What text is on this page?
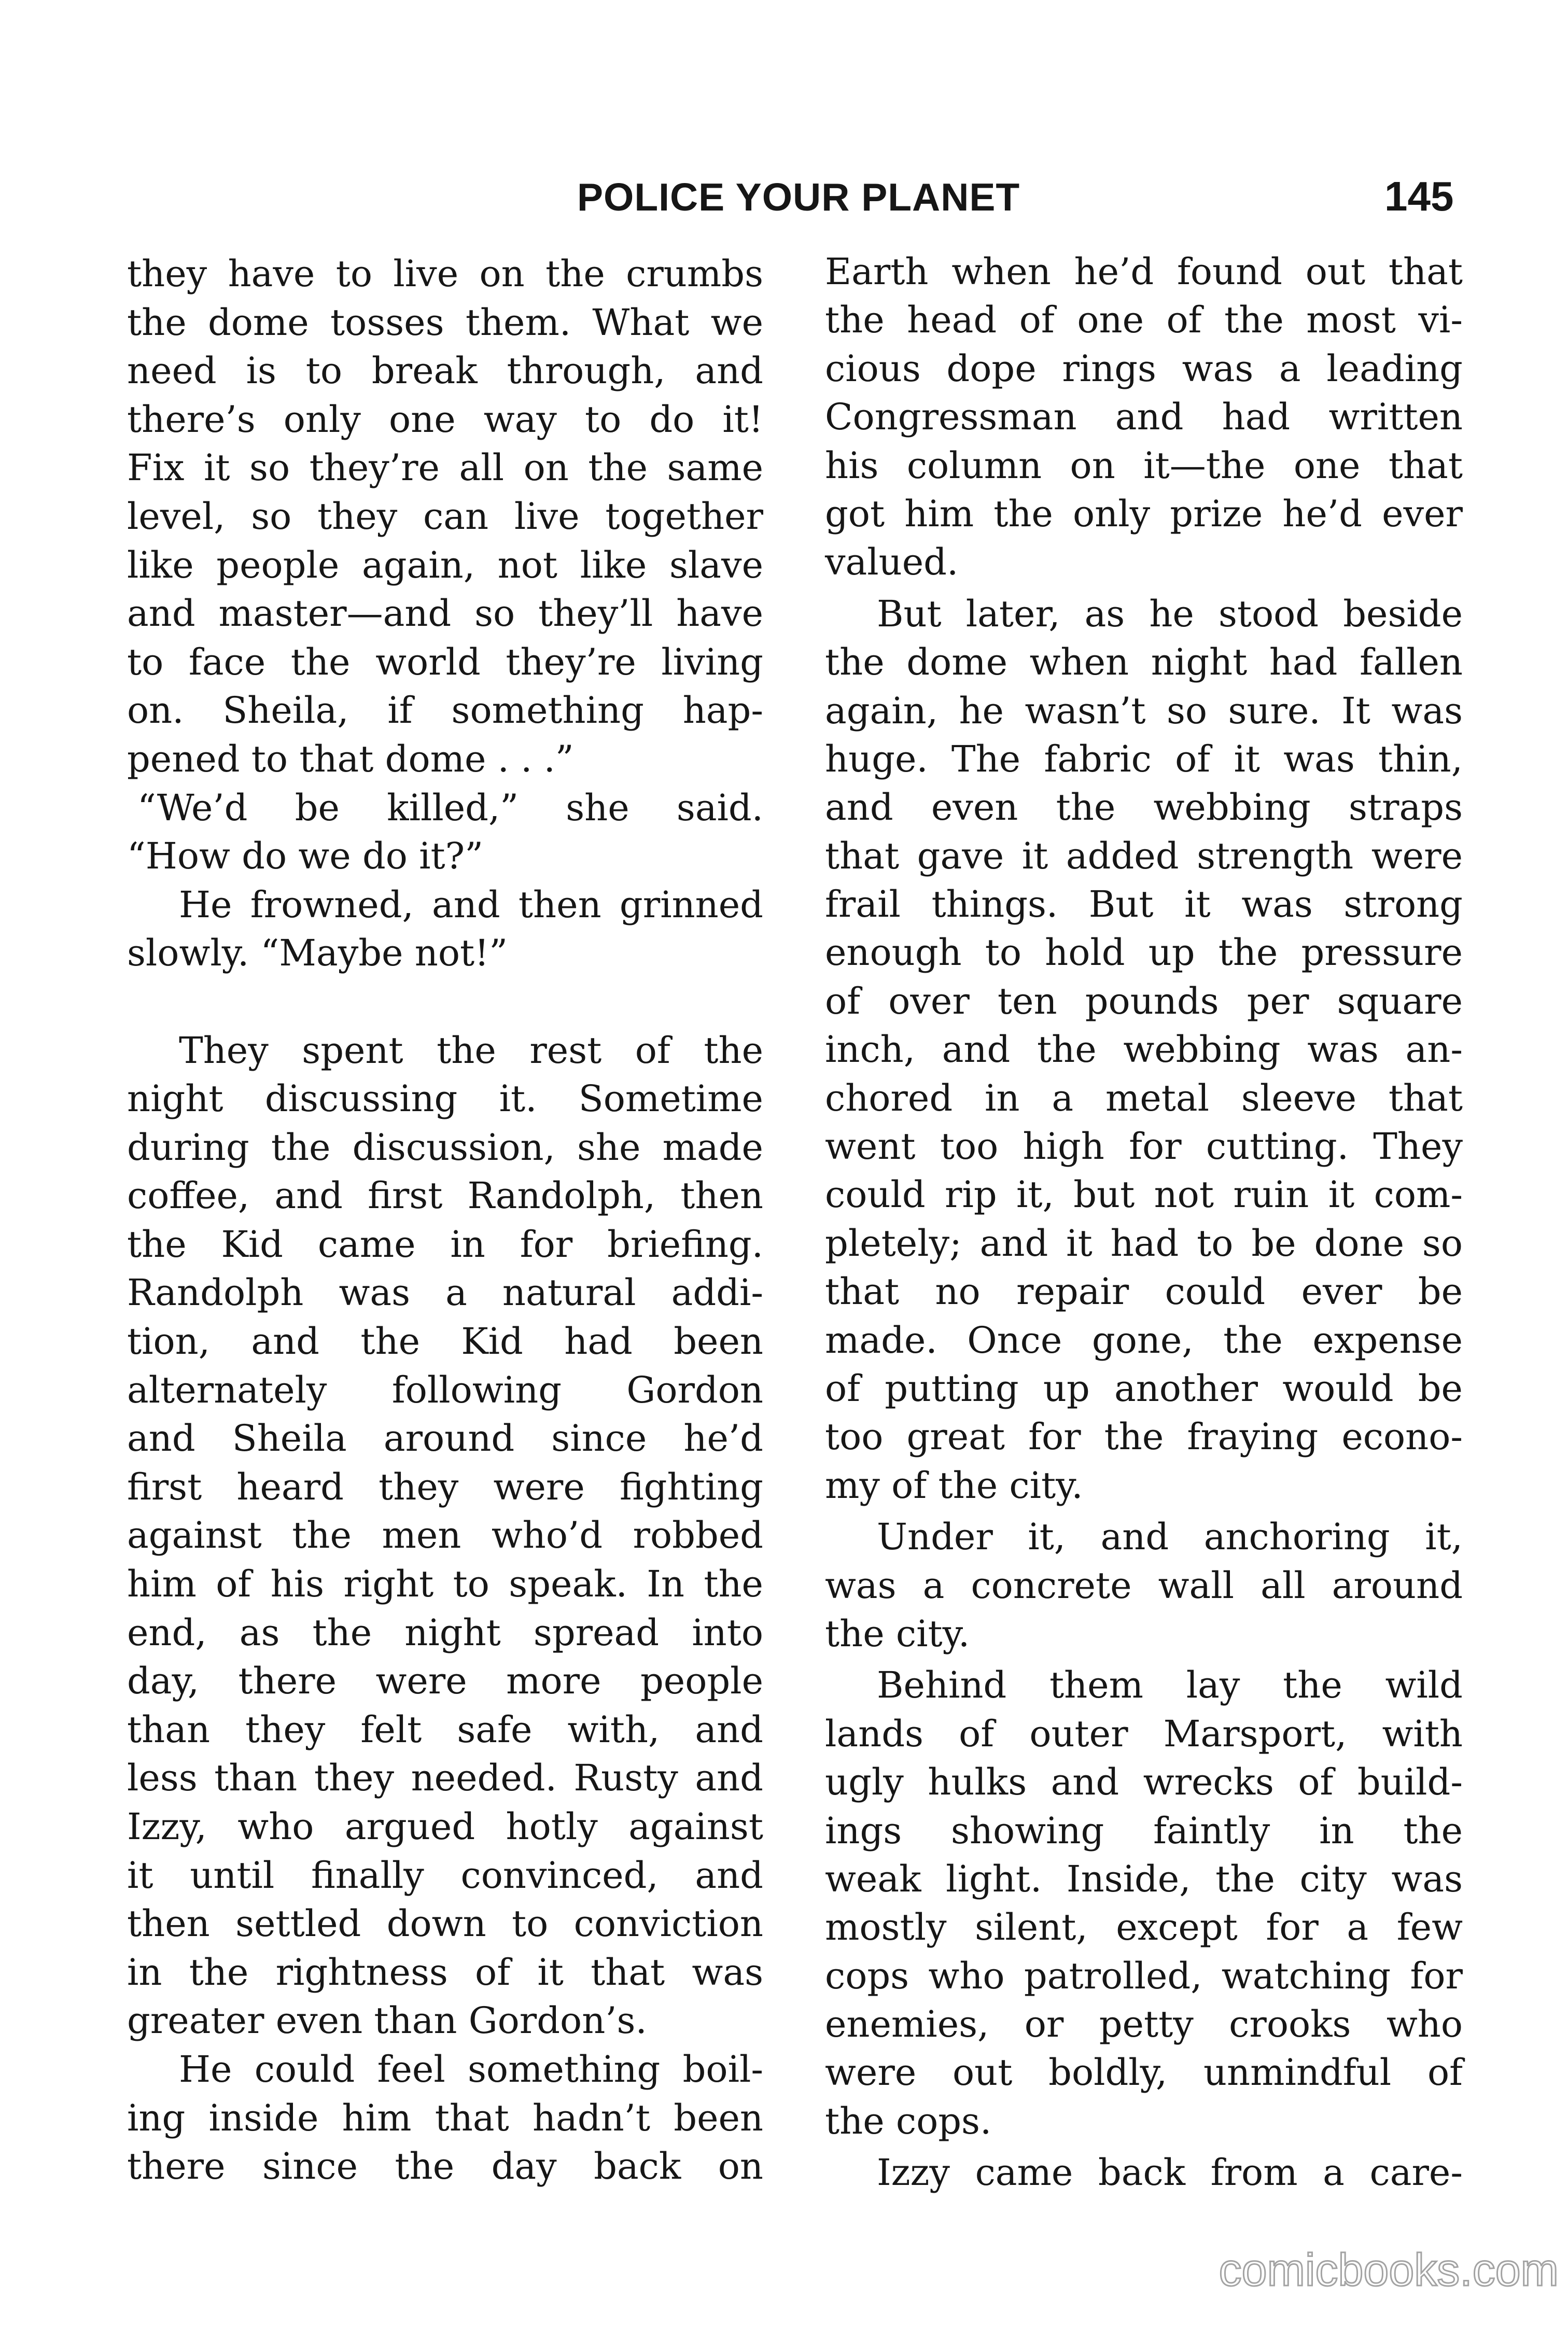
POLICE YOUR PLANET	145
they have to live on the crumbs
the dome tosses them. What we
need is to break through, and
there’s only one way to do it!
Fix it so they’re all on the same
level, so they can live together
like people again, not like slave
and master—and so they’ll have
to face the world they’re living
on. Sheila, if something hap-
pened to that dome . . .”
“We’d be killed,” she said.
“How do we do it?”
He frowned, and then grinned
slowly. “Maybe not!”
They spent the rest of the
night discussing it. Sometime
during the discussion, she made
coffee, and first Randolph, then
the Kid came in for briefing.
Randolph was a natural addi-
tion, and the Kid had been
alternately following Gordon
and Sheila around since he’d
first heard they were fighting
against the men who’d robbed
him of his right to speak. In the
end, as the night spread into
day, there were more people
than they felt safe with, and
less than they needed. Rusty and
Izzy, who argued hotly against
it until finally convinced, and
then settled down to conviction
in the rightness of it that was
greater even than Gordon’s.
He could feel something boil-
ing inside him that hadn’t been
there since the day back on
Earth when he’d found out that
the head of one of the most vi-
cious dope rings was a leading
Congressman and had written
his column on it—the one that
got him the only prize he’d ever
valued.
But later, as he stood beside
the dome when night had fallen
again, he wasn’t so sure. It was
huge. The fabric of it was thin,
and even the webbing straps
that gave it added strength were
frail things. But it was strong
enough to hold up the pressure
of over ten pounds per square
inch, and the webbing was an-
chored in a metal sleeve that
went too high for cutting. They
could rip it, but not ruin it com-
pletely; and it had to be done so
that no repair could ever be
made. Once gone, the expense
of putting up another would be
too great for the fraying econo-
my of the city.
Under it, and anchoring it,
was a concrete wall all around
the city.
Behind them lay the wild
lands of outer Marsport, with
ugly hulks and wrecks of build-
ings showing faintly in the
weak light. Inside, the city was
mostly silent, except for a few
cops who patrolled, watching for
enemies, or petty crooks who
were out boldly, unmindful of
the cops.
Izzy came back from a care-
comicbooks.com
